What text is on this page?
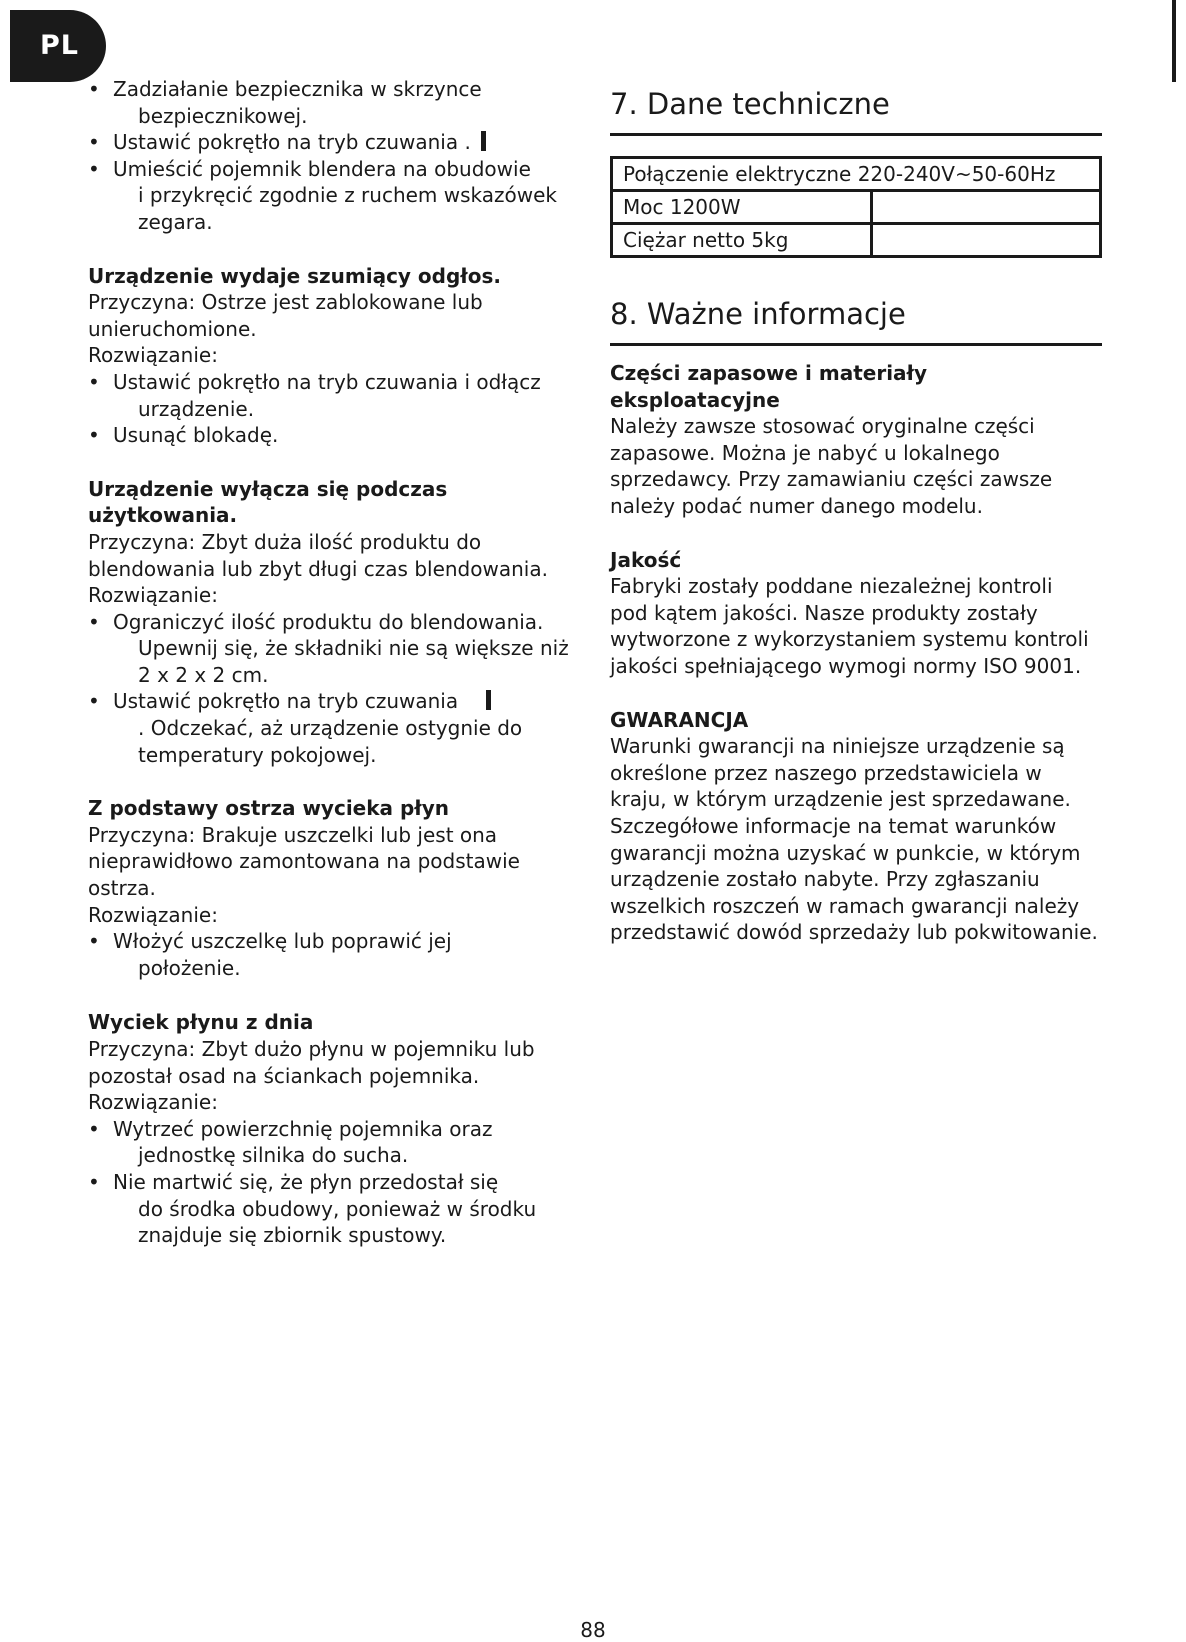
PL
• Zadziałanie bezpiecznika w skrzynce
bezpiecznikowej.
• Ustawić pokrętło na tryb czuwania .
• Umieścić pojemnik blendera na obudowie
i przykręcić zgodnie z ruchem wskazówek
zegara.
Urządzenie wydaje szumiący odgłos.
Przyczyna: Ostrze jest zablokowane lub
unieruchomione.
Rozwiązanie:
• Ustawić pokrętło na tryb czuwania i odłącz
urządzenie.
• Usunąć blokadę.
Urządzenie wyłącza się podczas użytkowania.
Przyczyna: Zbyt duża ilość produktu do
blendowania lub zbyt długi czas blendowania.
Rozwiązanie:
• Ograniczyć ilość produktu do blendowania.
Upewnij się, że składniki nie są większe niż
2 x 2 x 2 cm.
• Ustawić pokrętło na tryb czuwania
. Odczekać, aż urządzenie ostygnie do
temperatury pokojowej.
Z podstawy ostrza wycieka płyn
Przyczyna: Brakuje uszczelki lub jest ona
nieprawidłowo zamontowana na podstawie
ostrza.
Rozwiązanie:
• Włożyć uszczelkę lub poprawić jej
położenie.
Wyciek płynu z dnia
Przyczyna: Zbyt dużo płynu w pojemniku lub
pozostał osad na ściankach pojemnika.
Rozwiązanie:
• Wytrzeć powierzchnię pojemnika oraz
jednostkę silnika do sucha.
• Nie martwić się, że płyn przedostał się
do środka obudowy, ponieważ w środku
znajduje się zbiornik spustowy.
7. Dane techniczne
Połączenie elektryczne 220-240V~50-60Hz	
Moc 1200W	
Ciężar netto 5kg	
8. Ważne informacje
Części zapasowe i materiały eksploatacyjne
Należy zawsze stosować oryginalne części
zapasowe. Można je nabyć u lokalnego
sprzedawcy. Przy zamawianiu części zawsze
należy podać numer danego modelu.
Jakość
Fabryki zostały poddane niezależnej kontroli
pod kątem jakości. Nasze produkty zostały
wytworzone z wykorzystaniem systemu kontroli
jakości spełniającego wymogi normy ISO 9001.
GWARANCJA
Warunki gwarancji na niniejsze urządzenie są
określone przez naszego przedstawiciela w
kraju, w którym urządzenie jest sprzedawane.
Szczegółowe informacje na temat warunków
gwarancji można uzyskać w punkcie, w którym
urządzenie zostało nabyte. Przy zgłaszaniu
wszelkich roszczeń w ramach gwarancji należy
przedstawić dowód sprzedaży lub pokwitowanie.
88
